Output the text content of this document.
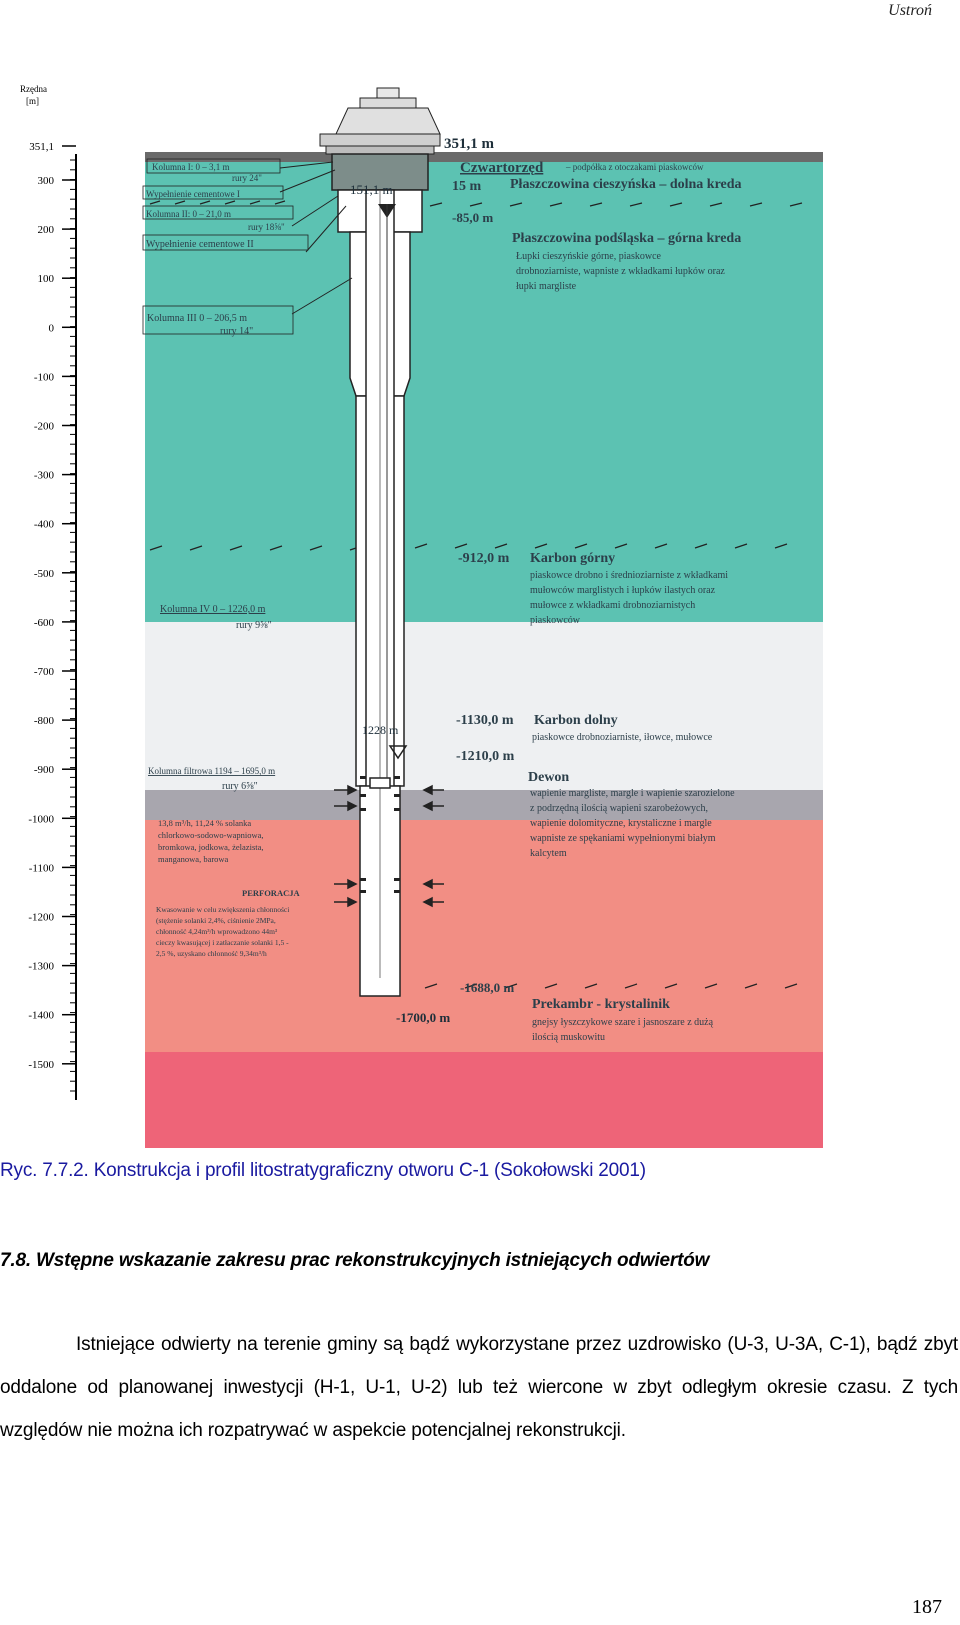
Ustroń
Rzędna
[m]
351,1
300
200
100
0
-100
-200
-300
-400
-500
-600
-700
-800
-900
-1000
-1100
-1200
-1300
-1400
-1500
Kolumna I: 0 – 3,1 m
rury 24"
Wypełnienie cementowe I
Kolumna II: 0 – 21,0 m
rury 18⅝"
Wypełnienie cementowe II
Kolumna III 0 – 206,5 m
rury 14"
Kolumna IV 0 – 1226,0 m
rury 9⅝"
Kolumna filtrowa 1194 – 1695,0 m
rury 6⅝"
13,8 m³/h, 11,24 % solanka
chlorkowo-sodowo-wapniowa,
bromkowa, jodkowa, żelazista,
manganowa, barowa
PERFORACJA
Kwasowanie w celu zwiększenia chłonności
(stężenie solanki 2,4%, ciśnienie 2MPa,
chłonność 4,24m³/h wprowadzono 44m³
cieczy kwasującej i zatłaczanie solanki 1,5 -
2,5 %, uzyskano chłonność 9,34m³/h
351,1 m
151,1 m
1228 m
-1700,0 m
Czwartorzęd	– podpółka z otoczakami piaskowców
15 m Płaszczowina cieszyńska – dolna kreda
-85,0 m
Płaszczowina podśląska – górna kreda
Łupki cieszyńskie górne, piaskowce
drobnoziarniste, wapniste z wkładkami łupków oraz
łupki margliste
-912,0 m Karbon górny
piaskowce drobno i średnioziarniste z wkładkami
mułowców marglistych i łupków ilastych oraz
mułowce z wkładkami drobnoziarnistych
piaskowców
-1130,0 m Karbon dolny
piaskowce drobnoziarniste, iłowce, mułowce
-1210,0 m
Dewon
wapienie margliste, margle i wapienie szarozielone
z podrzędną ilością wapieni szarobeżowych,
wapienie dolomityczne, krystaliczne i margle
wapniste ze spękaniami wypełnionymi białym
kalcytem
-1688,0 m
Prekambr - krystalinik
gnejsy łyszczykowe szare i jasnoszare z dużą
ilością muskowitu
Ryc. 7.7.2. Konstrukcja i profil litostratygraficzny otworu C-1 (Sokołowski 2001)
7.8. Wstępne wskazanie zakresu prac rekonstrukcyjnych istniejących odwiertów

Istniejące odwierty na terenie gminy są bądź wykorzystane przez uzdrowisko (U-3, U-3A, C-1), bądź zbyt oddalone od planowanej inwestycji (H-1, U-1, U-2) lub też wiercone w zbyt odległym okresie czasu. Z tych względów nie można ich rozpatrywać w aspekcie potencjalnej rekonstrukcji.

187
